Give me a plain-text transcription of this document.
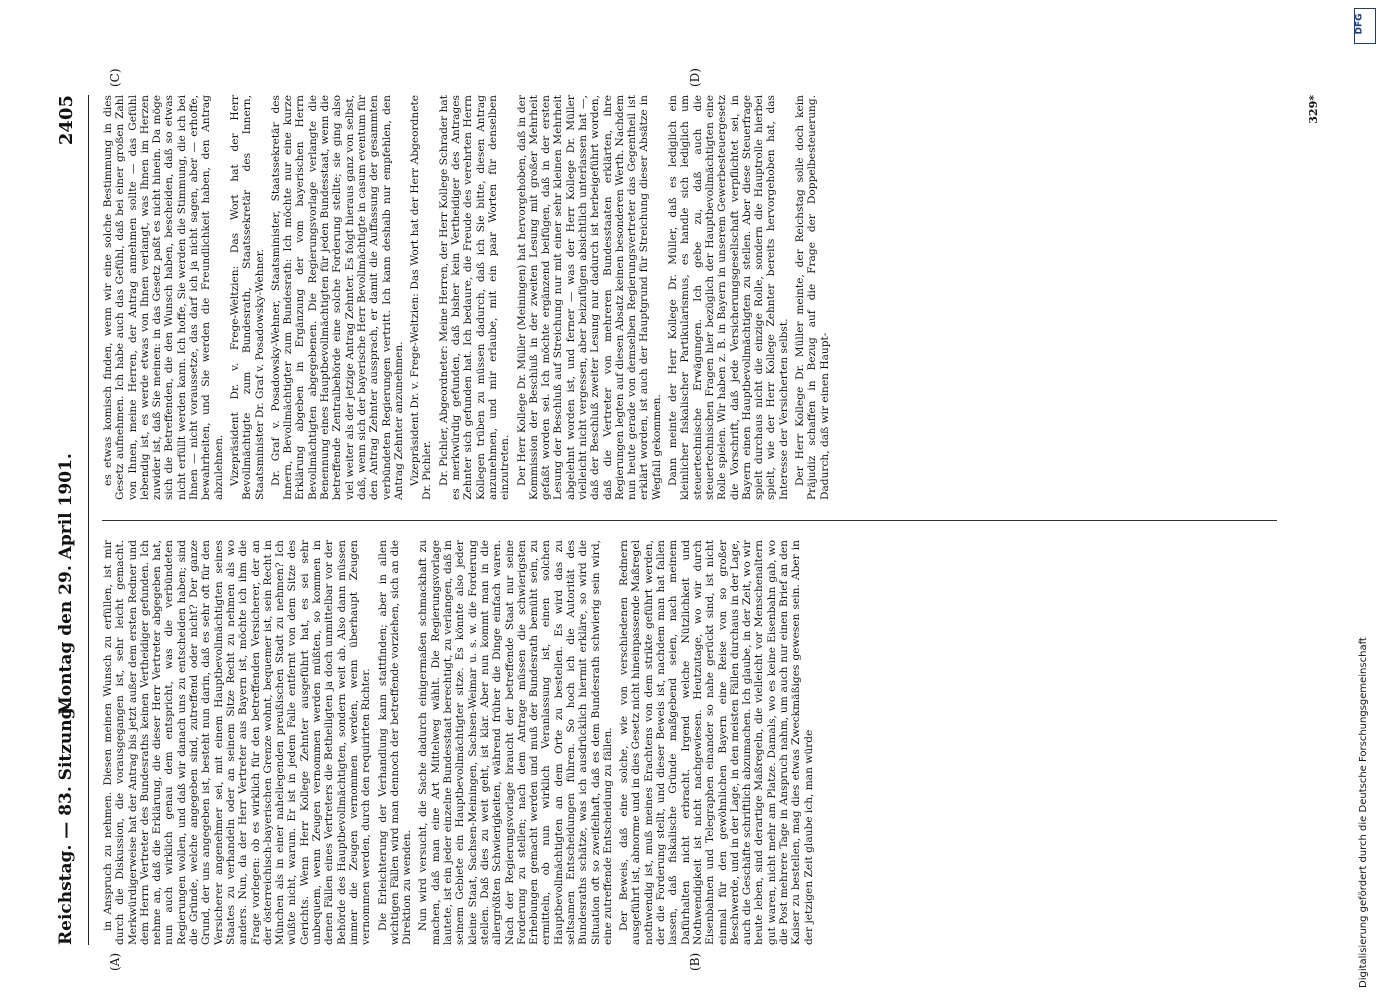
Reichstag. — 83. Sitzung.
Montag den 29. April 1901.
2405

in Anspruch zu nehmen. Diesen meinen Wunsch zu erfüllen, ist mir durch die Diskussion, die vorausgegangen ist, sehr leicht gemacht. Merkwürdigerweise hat der Antrag bis jetzt außer dem ersten Redner und dem Herrn Vertreter des Bundesraths keinen Vertheidiger gefunden. Ich nehme an, daß die Erklärung, die dieser Herr Vertreter abgegeben hat, nun auch wirklich genau dem entspricht, was die verbündeten Regierungen wollen, und daß wir danach uns zu entscheiden haben; sind die Gründe, welche angegeben sind, zutreffend oder nicht? Der ganze Grund, der uns angegeben ist, besteht nun darin, daß es sehr oft für den Versicherer angenehmer sei, mit einem Hauptbevollmächtigten seines Staates zu verhandeln oder an seinem Sitze Recht zu nehmen als wo anders. Nun, da der Herr Vertreter aus Bayern ist, möchte ich ihm die Frage vorlegen: ob es wirklich für den betreffenden Versicherer, der an der österreichisch-bayerischen Grenze wohnt, bequemer ist, sein Recht in München als in einer naheliegenden preußischen Stadt zu nehmen? Ich wüßte nicht, warum. Er ist in jedem Falle entfernt von dem Sitze des Gerichts. Wenn Herr Kollege Zehnter ausgeführt hat, es sei sehr unbequem, wenn Zeugen vernommen werden müßten, so kommen in denen Fällen eines Vertreters die Betheiligten ja doch unmittelbar vor der Behörde des Hauptbevollmächtigten, sondern weit ab. Also dann müssen immer die Zeugen vernommen werden, wenn überhaupt Zeugen vernommen werden, durch den requirirten Richter. Die Erleichterung der Verhandlung kann stattfinden; aber in allen wichtigen Fällen wird man dennoch der betreffende vorziehen, sich an die Direktion zu wenden. Nun wird versucht, die Sache dadurch einigermaßen schmackhaft zu machen, daß man eine Art Mittelweg wählt. Die Regierungsvorlage lautete, ist ein jeder einzelne Bundesstaat berechtigt, zu verlangen, daß in seinem Gebiete ein Hauptbevollmächtigter sitze. Es könnte also jeder kleine Staat, Sachsen-Meiningen, Sachsen-Weimar u. s. w. die Forderung stellen. Daß dies zu weit geht, ist klar. Aber nun kommt man in die allergrößten Schwierigkeiten, während früher die Dinge einfach waren. Nach der Regierungsvorlage braucht der betreffende Staat nur seine Forderung zu stellen; nach dem Antrage müssen die schwierigsten Erhebungen gemacht werden und muß der Bundesrath bemüht sein, zu ermitteln, ob nun wirklich Veranlassung ist, einen solchen Hauptbevollmächtigten an dem Orte zu bestellen. Es wird das zu seltsamen Entscheidungen führen. So hoch ich die Autorität des Bundesraths schätze, was ich ausdrücklich hiermit erkläre, so wird die Situation oft so zweifelhaft, daß es dem Bundesrath schwierig sein wird, eine zutreffende Entscheidung zu fällen. Der Beweis, daß eine solche, wie von verschiedenen Rednern ausgeführt ist, abnorme und in dies Gesetz nicht hineinpassende Maßregel nothwendig ist, muß meines Erachtens von dem strikte geführt werden, der die Forderung stellt, und dieser Beweis ist, nachdem man hat fallen lassen, daß fiskalische Gründe maßgebend seien, nach meinem Dafürhalten nicht erbracht. Irgend welche Nützlichkeit und Nothwendigkeit ist nicht nachgewiesen. Heutzutage, wo wir durch Eisenbahnen und Telegraphen einander so nahe gerückt sind, ist nicht einmal für den gewöhnlichen Bayern eine Reise von so großer Beschwerde, und in der Lage, in den meisten Fällen durchaus in der Lage, auch die Geschäfte schriftlich abzumachen. Ich glaube, in der Zeit, wo wir heute leben, sind derartige Maßregeln, die vielleicht vor Menschenaltern gut waren, nicht mehr am Platze. Damals, wo es keine Eisenbahn gab, wo die Post mehrere Tage in Anspruch nahm, um auch nur einen Brief an den Kaiser zu bestellen, mag dies etwas Zweckmäßiges gewesen sein. Aber in der jetzigen Zeit glaube ich, man würde

es etwas komisch finden, wenn wir eine solche Bestimmung in dies Gesetz aufnehmen. Ich habe auch das Gefühl, daß bei einer großen Zahl von Ihnen, meine Herren, der Antrag annehmen sollte — das Gefühl lebendig ist, es werde etwas von Ihnen verlangt, was Ihnen im Herzen zuwider ist, daß Sie meinen: in das Gesetz paßt es nicht hinein. Da möge sich die Betreffenden, die den Wunsch haben, bescheiden, daß so etwas nicht erfüllt werden kann. Ich hoffe, Sie werden die Stimmung, die ich bei Ihnen — nicht voraussetze, das darf ich ja nicht sagen, aber — erhoffe, bewahrheiten, und Sie werden die Freundlichkeit haben, den Antrag abzulehnen. Vizepräsident Dr. v. Frege-Weltzien: Das Wort hat der Herr Bevollmächtigte zum Bundesrath, Staatssekretär des Innern, Staatsminister Dr. Graf v. Posadowsky-Wehner. Dr. Graf v. Posadowsky-Wehner, Staatsminister, Staatssekretär des Innern, Bevollmächtigter zum Bundesrath: Ich möchte nur eine kurze Erklärung abgeben in Ergänzung der vom bayerischen Herrn Bevollmächtigten abgegebenen. Die Regierungsvorlage verlangte die Benennung eines Hauptbevollmächtigten für jeden Bundesstaat, wenn die betreffende Zentralbehörde eine solche Forderung stellte; sie ging also viel weiter als der jetzige Antrag Zehnter. Es folgt hieraus ganz von selbst, daß, wenn sich der bayerische Herr Bevollmächtigte in casum eventum für den Antrag Zehnter aussprach, er damit die Auffassung der gesammten verbündeten Regierungen vertritt. Ich kann deshalb nur empfehlen, den Antrag Zehnter anzunehmen. Vizepräsident Dr. v. Frege-Weltzien: Das Wort hat der Herr Abgeordnete Dr. Pichler. Dr. Pichler, Abgeordneter: Meine Herren, der Herr Kollege Schrader hat es merkwürdig gefunden, daß bisher kein Vertheidiger des Antrages Zehnter sich gefunden hat. Ich bedaure, die Freude des verehrten Herrn Kollegen trüben zu müssen dadurch, daß ich Sie bitte, diesen Antrag anzunehmen, und mir erlaube, mit ein paar Worten für denselben einzutreten. Der Herr Kollege Dr. Müller (Meiningen) hat hervorgehoben, daß in der Kommission der Beschluß in der zweiten Lesung mit großer Mehrheit gefaßt worden sei. Ich möchte ergänzend beifügen, daß in der ersten Lesung der Beschluß auf Streichung nur mit einer sehr kleinen Mehrheit abgelehnt worden ist, und ferner — was der Herr Kollege Dr. Müller vielleicht nicht vergessen, aber beizufügen absichtlich unterlassen hat —, daß der Beschluß zweiter Lesung nur dadurch ist herbeigeführt worden, daß die Vertreter von mehreren Bundesstaaten erklärten, ihre Regierungen legten auf diesen Absatz keinen besonderen Werth. Nachdem nun heute gerade von demselben Regierungsvertreter das Gegentheil ist erklärt worden, ist auch der Hauptgrund für Streichung dieser Absätze in Wegfall gekommen. Dann meinte der Herr Kollege Dr. Müller, daß es lediglich ein kleinlicher fiskalischer Partikularismus, es handle sich lediglich um steuertechnische Erwägungen. Ich gebe zu, daß auch die steuertechnischen Fragen hier bezüglich der Hauptbevollmächtigten eine Rolle spielen. Wir haben z. B. in Bayern in unserem Gewerbesteuergesetz die Vorschrift, daß jede Versicherungsgesellschaft verpflichtet sei, in Bayern einen Hauptbevollmächtigten zu stellen. Aber diese Steuerfrage spielt durchaus nicht die einzige Rolle, sondern die Hauptrolle hierbei spielt, wie der Herr Kollege Zehnter bereits hervorgehoben hat, das Interesse der Versicherten selbst. Der Herr Kollege Dr. Müller meinte, der Reichstag solle doch kein Präjudiz schaffen in Bezug auf die Frage der Doppelbesteuerung. Dadurch, daß wir einen Haupt-

(A)	(B)
(C)	(D)
329*
DFG
Digitalisierung gefördert durch die Deutsche Forschungsgemeinschaft
